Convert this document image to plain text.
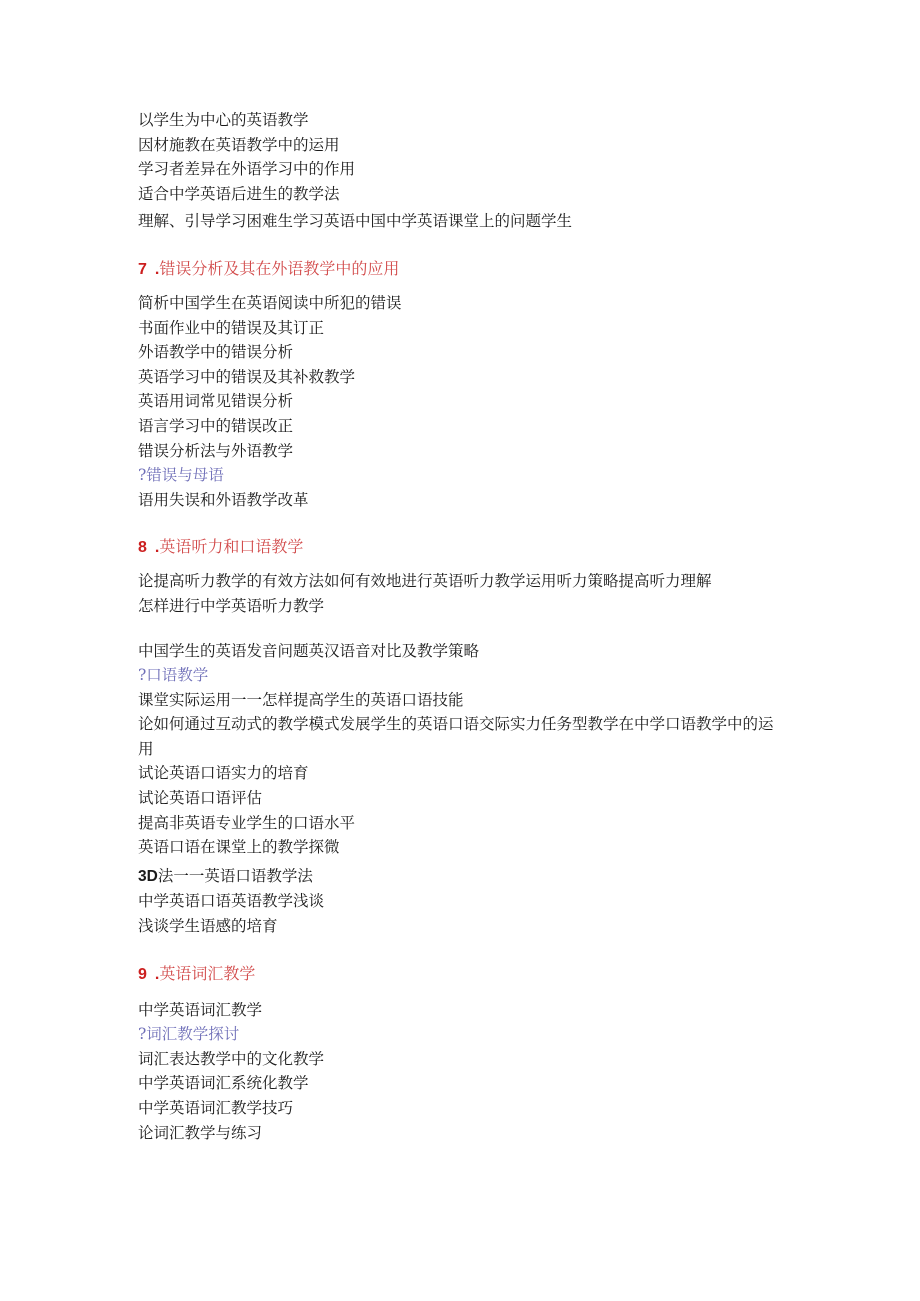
以学生为中心的英语教学
因材施教在英语教学中的运用
学习者差异在外语学习中的作用
适合中学英语后进生的教学法
理解、引导学习困难生学习英语中国中学英语课堂上的问题学生
7 .错误分析及其在外语教学中的应用
简析中国学生在英语阅读中所犯的错误
书面作业中的错误及其订正
外语教学中的错误分析
英语学习中的错误及其补救教学
英语用词常见错误分析
语言学习中的错误改正
错误分析法与外语教学
?错误与母语
语用失误和外语教学改革
8 .英语听力和口语教学
论提高听力教学的有效方法如何有效地进行英语听力教学运用听力策略提高听力理解
怎样进行中学英语听力教学
中国学生的英语发音问题英汉语音对比及教学策略
?口语教学
课堂实际运用一一怎样提高学生的英语口语技能
论如何通过互动式的教学模式发展学生的英语口语交际实力任务型教学在中学口语教学中的运用
试论英语口语实力的培育
试论英语口语评估
提高非英语专业学生的口语水平
英语口语在课堂上的教学探微
3D法一一英语口语教学法
中学英语口语英语教学浅谈
浅谈学生语感的培育
9 .英语词汇教学
中学英语词汇教学
?词汇教学探讨
词汇表达教学中的文化教学
中学英语词汇系统化教学
中学英语词汇教学技巧
论词汇教学与练习
